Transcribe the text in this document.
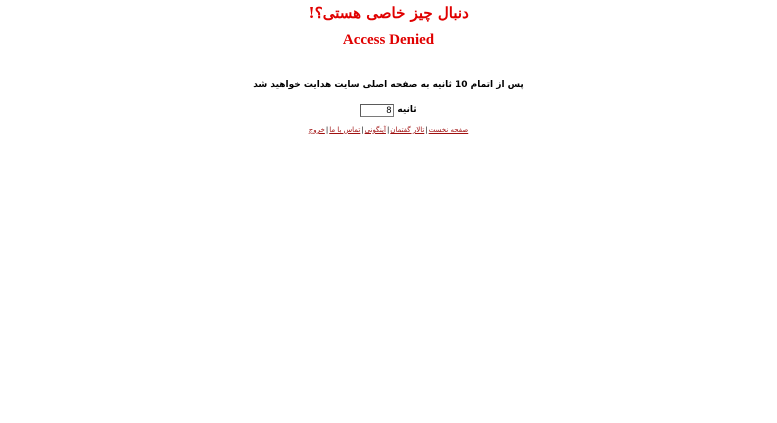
دنبال چیز خاصی هستی؟!
Access Denied
پس از اتمام 10 ثانیه به صفحه اصلی سایت هدایت خواهید شد
ثانیه
8
صفحه نخست|تالار گفتمان|آینگونی|تماس با ما|خروج
